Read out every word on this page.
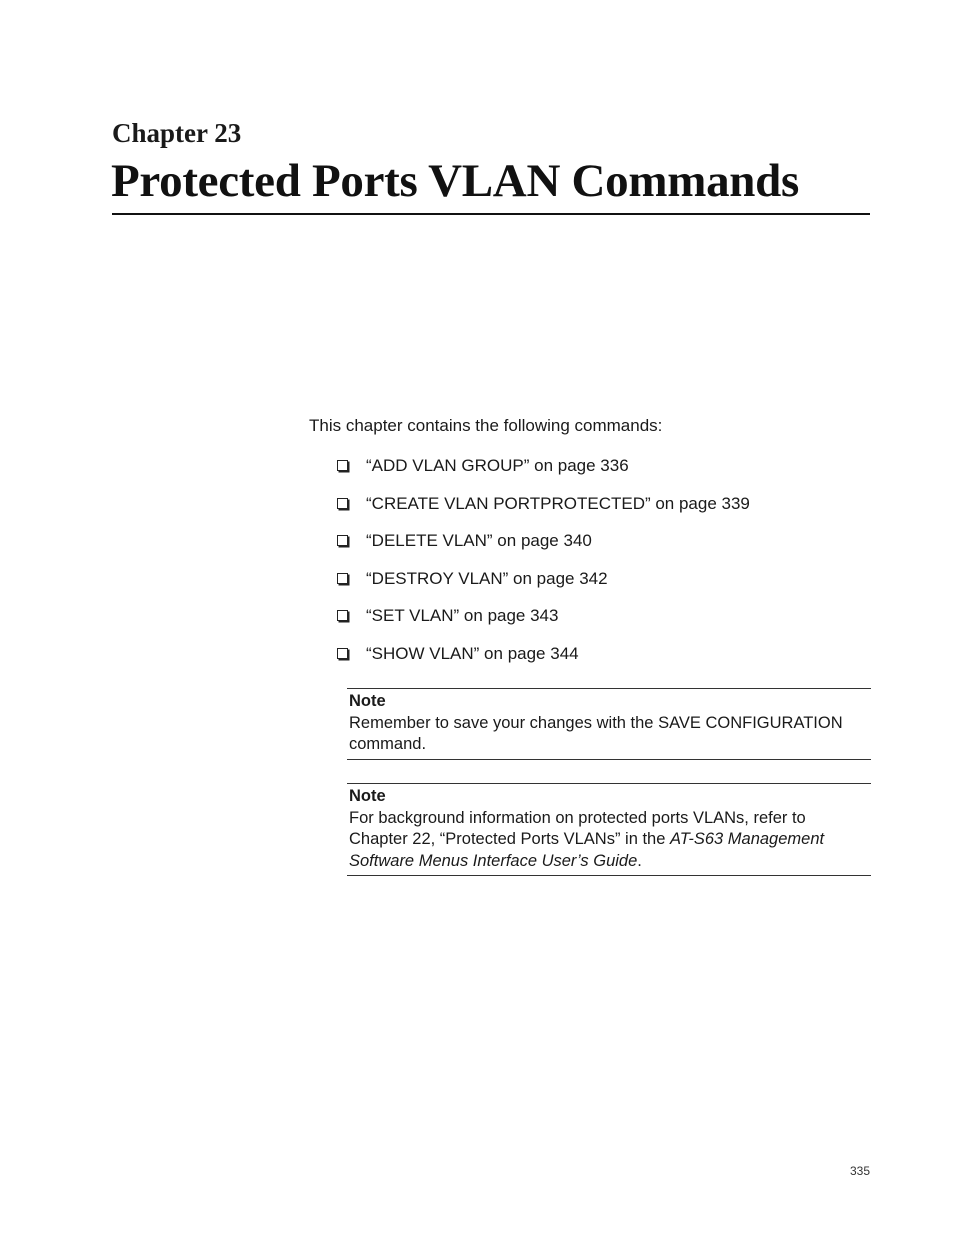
Chapter 23
Protected Ports VLAN Commands
This chapter contains the following commands:
“ADD VLAN GROUP” on page 336
“CREATE VLAN PORTPROTECTED” on page 339
“DELETE VLAN” on page 340
“DESTROY VLAN” on page 342
“SET VLAN” on page 343
“SHOW VLAN” on page 344
Note
Remember to save your changes with the SAVE CONFIGURATION command.
Note
For background information on protected ports VLANs, refer to Chapter 22, “Protected Ports VLANs” in the AT-S63 Management Software Menus Interface User’s Guide.
335
